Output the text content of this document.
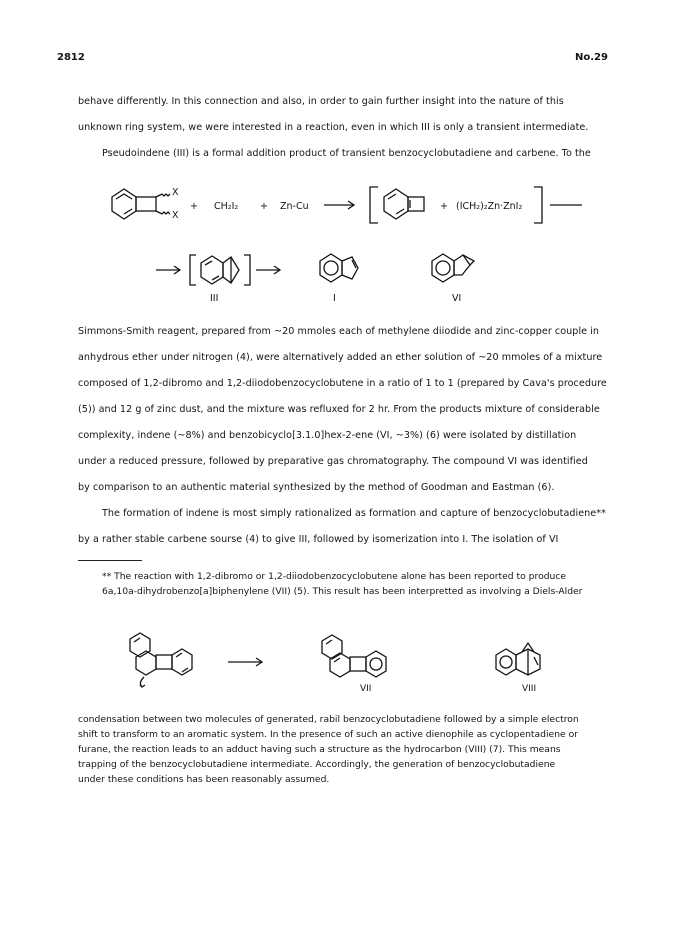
2812	No.29
behave differently. In this connection and also, in order to gain further insight into the nature of this
unknown ring system, we were interested in a reaction, even in which III is only a transient intermediate.
Pseudoindene (III) is a formal addition product of transient benzocyclobutadiene and carbene. To the
X
X
+ CH₂I₂ + Zn-Cu	+ (ICH₂)₂Zn·ZnI₂
III	I	VI
Simmons-Smith reagent, prepared from ~20 mmoles each of methylene diiodide and zinc-copper couple in
anhydrous ether under nitrogen (4), were alternatively added an ether solution of ~20 mmoles of a mixture
composed of 1,2-dibromo and 1,2-diiodobenzocyclobutene in a ratio of 1 to 1 (prepared by Cava's procedure
(5)) and 12 g of zinc dust, and the mixture was refluxed for 2 hr. From the products mixture of considerable
complexity, indene (~8%) and benzobicyclo[3.1.0]hex-2-ene (VI, ~3%) (6) were isolated by distillation
under a reduced pressure, followed by preparative gas chromatography. The compound VI was identified
by comparison to an authentic material synthesized by the method of Goodman and Eastman (6).
The formation of indene is most simply rationalized as formation and capture of benzocyclobutadiene**
by a rather stable carbene sourse (4) to give III, followed by isomerization into I. The isolation of VI
** The reaction with 1,2-dibromo or 1,2-diiodobenzocyclobutene alone has been reported to produce
6a,10a-dihydrobenzo[a]biphenylene (VII) (5). This result has been interpretted as involving a Diels-Alder
VII	VIII
condensation between two molecules of generated, rabil benzocyclobutadiene followed by a simple electron
shift to transform to an aromatic system. In the presence of such an active dienophile as cyclopentadiene or
furane, the reaction leads to an adduct having such a structure as the hydrocarbon (VIII) (7). This means
trapping of the benzocyclobutadiene intermediate. Accordingly, the generation of benzocyclobutadiene
under these conditions has been reasonably assumed.
